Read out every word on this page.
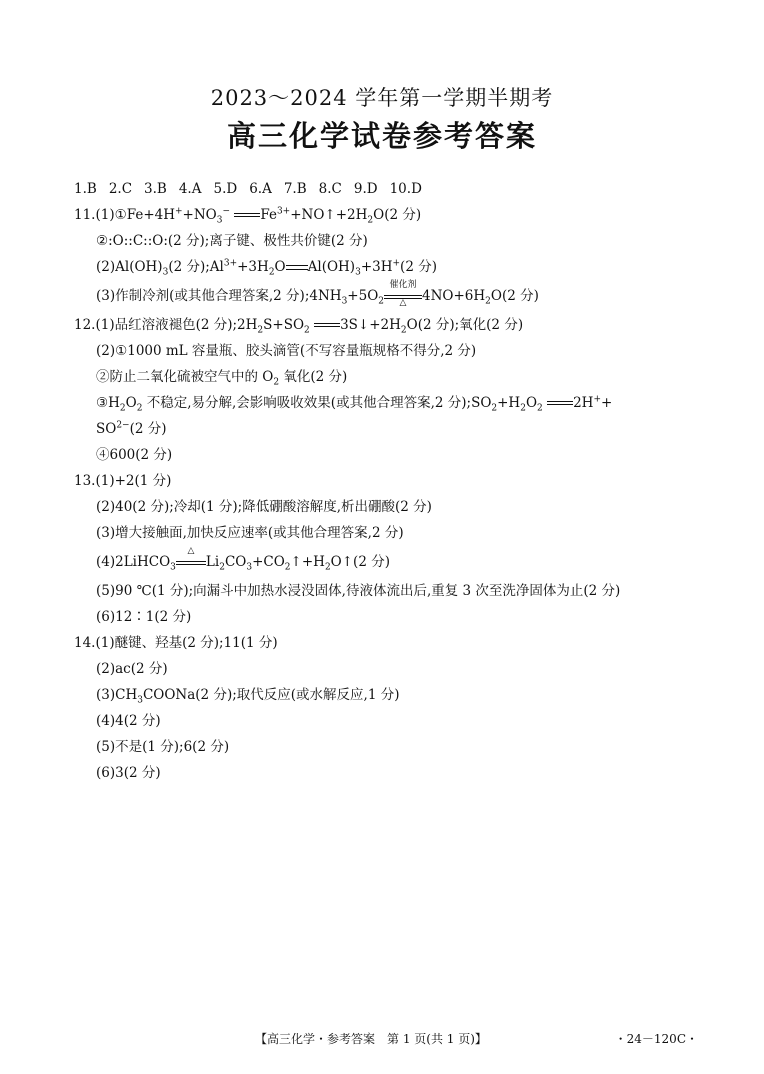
2023～2024 学年第一学期半期考
高三化学试卷参考答案
1.B 2.C 3.B 4.A 5.D 6.A 7.B 8.C 9.D 10.D
$11.(1)①Fe+4H^++NO_3^-$ $Fe^{3+}+NO↑+2H_2O(2$ 分)
②:O::C::O:(2 分);离子键、极性共价键(2 分)
$(2)Al(OH)_3(2$ 分)$;Al^{3+}+3H_2O$ $Al(OH)_3+3H^+(2$ 分)
(3)作制冷剂(或其他合理答案,2 分)$;4NH_3+5O_2$
催化剂
△	$4NO+6H_2O(2$ 分)
12.(1)品红溶液褪色(2 分)$;2H_2S+SO_2$ $3S↓+2H_2O(2$ 分);氧化(2 分)
(2)①1000 mL 容量瓶、胶头滴管(不写容量瓶规格不得分,2 分)
②防止二氧化硫被空气中的 $O_2$ 氧化(2 分)
$③H_2O_2$ 不稳定,易分解,会影响吸收效果(或其他合理答案,2 分)$;SO_2+H_2O_2$ 2H++
$SO^{2-}(2$ 分)
④600(2 分)
13.(1)+2(1 分)
(2)40(2 分);冷却(1 分);降低硼酸溶解度,析出硼酸(2 分)
(3)增大接触面,加快反应速率(或其他合理答案,2 分)
(4)2LiHCO$_3$
△
$Li_2CO_3+CO_2↑+H_2O↑(2$ 分)
(5)90 ℃(1 分);向漏斗中加热水浸没固体,待液体流出后,重复 3 次至洗净固体为止(2 分)
(6)12∶1(2 分)
14.(1)醚键、羟基(2 分);11(1 分)
(2)ac(2 分)
$(3)CH_3COONa(2$ 分);取代反应(或水解反应,1 分)
(4)4(2 分)
(5)不是(1 分);6(2 分)
(6)3(2 分)
【高三化学・参考答案　第 1 页(共 1 页)】	・24－120C・
